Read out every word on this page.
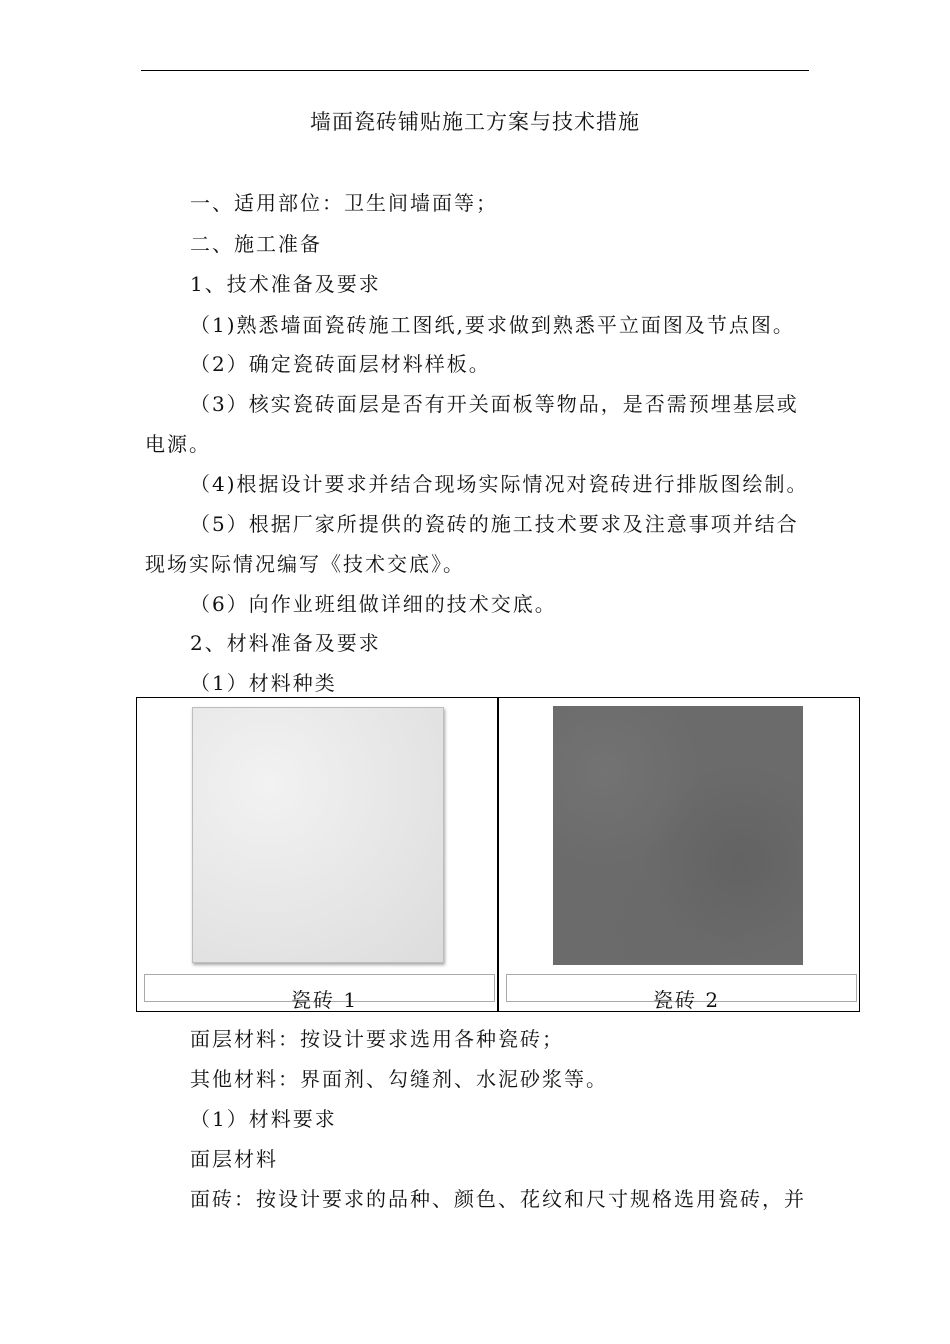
墙面瓷砖铺贴施工方案与技术措施
一、适用部位：卫生间墙面等；
二、施工准备
1、技术准备及要求
（1)熟悉墙面瓷砖施工图纸,要求做到熟悉平立面图及节点图。
（2）确定瓷砖面层材料样板。
（3）核实瓷砖面层是否有开关面板等物品，是否需预埋基层或
电源。
（4)根据设计要求并结合现场实际情况对瓷砖进行排版图绘制。
（5）根据厂家所提供的瓷砖的施工技术要求及注意事项并结合
现场实际情况编写《技术交底》。
（6）向作业班组做详细的技术交底。
2、材料准备及要求
（1）材料种类
瓷砖 1	瓷砖 2
面层材料：按设计要求选用各种瓷砖；
其他材料：界面剂、勾缝剂、水泥砂浆等。
（1）材料要求
面层材料
面砖：按设计要求的品种、颜色、花纹和尺寸规格选用瓷砖，并
